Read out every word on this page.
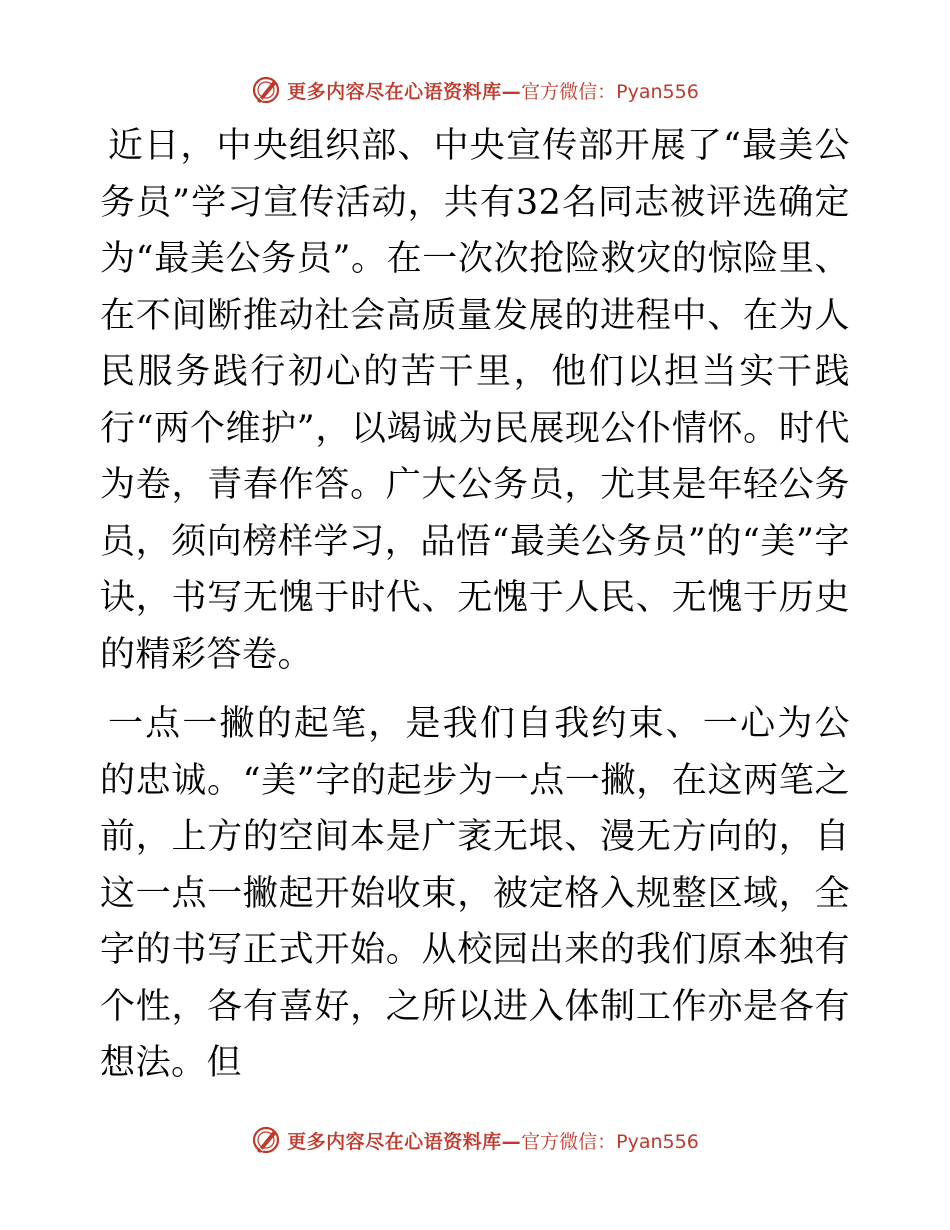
更多内容尽在心语资料库— 官方微信：Pyan556

近日，中央组织部、中央宣传部开展了“最美公务员”学习宣传活动，共有32名同志被评选确定为“最美公务员”。在一次次抢险救灾的惊险里、在不间断推动社会高质量发展的进程中、在为人民服务践行初心的苦干里，他们以担当实干践行“两个维护”，以竭诚为民展现公仆情怀。时代为卷，青春作答。广大公务员，尤其是年轻公务员，须向榜样学习，品悟“最美公务员”的“美”字诀，书写无愧于时代、无愧于人民、无愧于历史的精彩答卷。

一点一撇的起笔，是我们自我约束、一心为公的忠诚。“美”字的起步为一点一撇，在这两笔之前，上方的空间本是广袤无垠、漫无方向的，自这一点一撇起开始收束，被定格入规整区域，全字的书写正式开始。从校园出来的我们原本独有个性，各有喜好，之所以进入体制工作亦是各有想法。但

更多内容尽在心语资料库— 官方微信：Pyan556
